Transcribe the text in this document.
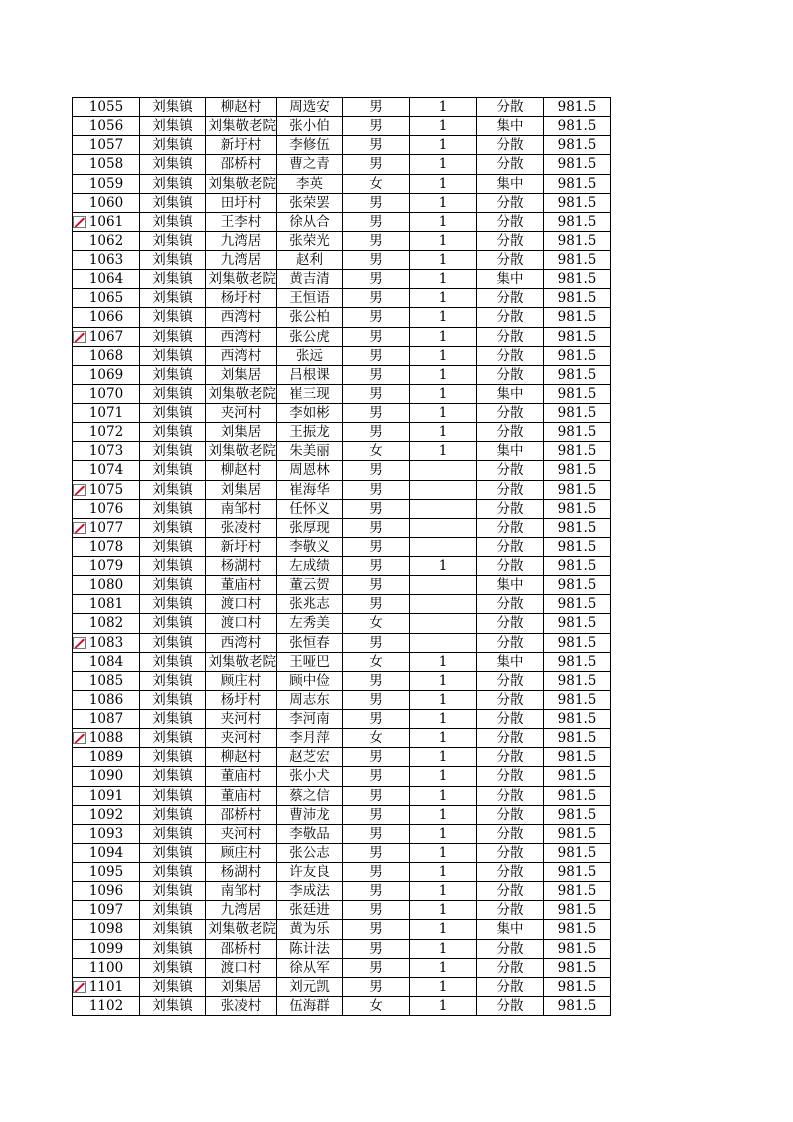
1055	刘集镇	柳赵村	周选安	男	1	分散	981.5
1056	刘集镇	刘集敬老院	张小伯	男	1	集中	981.5
1057	刘集镇	新圩村	李修伍	男	1	分散	981.5
1058	刘集镇	邵桥村	曹之青	男	1	分散	981.5
1059	刘集镇	刘集敬老院	李英	女	1	集中	981.5
1060	刘集镇	田圩村	张荣罢	男	1	分散	981.5

1061	刘集镇	王李村	徐从合	男	1	分散	981.5
1062	刘集镇	九湾居	张荣光	男	1	分散	981.5
1063	刘集镇	九湾居	赵利	男	1	分散	981.5
1064	刘集镇	刘集敬老院	黄吉清	男	1	集中	981.5
1065	刘集镇	杨圩村	王恒语	男	1	分散	981.5
1066	刘集镇	西湾村	张公柏	男	1	分散	981.5

1067	刘集镇	西湾村	张公虎	男	1	分散	981.5
1068	刘集镇	西湾村	张远	男	1	分散	981.5
1069	刘集镇	刘集居	吕根课	男	1	分散	981.5
1070	刘集镇	刘集敬老院	崔三现	男	1	集中	981.5
1071	刘集镇	夹河村	李如彬	男	1	分散	981.5
1072	刘集镇	刘集居	王振龙	男	1	分散	981.5
1073	刘集镇	刘集敬老院	朱美丽	女	1	集中	981.5
1074	刘集镇	柳赵村	周恩林	男		分散	981.5

1075	刘集镇	刘集居	崔海华	男		分散	981.5
1076	刘集镇	南邹村	任怀义	男		分散	981.5

1077	刘集镇	张凌村	张厚现	男		分散	981.5
1078	刘集镇	新圩村	李敬义	男		分散	981.5
1079	刘集镇	杨湖村	左成绩	男	1	分散	981.5
1080	刘集镇	董庙村	董云贺	男		集中	981.5
1081	刘集镇	渡口村	张兆志	男		分散	981.5
1082	刘集镇	渡口村	左秀美	女		分散	981.5

1083	刘集镇	西湾村	张恒春	男		分散	981.5
1084	刘集镇	刘集敬老院	王哑巴	女	1	集中	981.5
1085	刘集镇	顾庄村	顾中俭	男	1	分散	981.5
1086	刘集镇	杨圩村	周志东	男	1	分散	981.5
1087	刘集镇	夹河村	李河南	男	1	分散	981.5

1088	刘集镇	夹河村	李月萍	女	1	分散	981.5
1089	刘集镇	柳赵村	赵芝宏	男	1	分散	981.5
1090	刘集镇	董庙村	张小犬	男	1	分散	981.5
1091	刘集镇	董庙村	蔡之信	男	1	分散	981.5
1092	刘集镇	邵桥村	曹沛龙	男	1	分散	981.5
1093	刘集镇	夹河村	李敬品	男	1	分散	981.5
1094	刘集镇	顾庄村	张公志	男	1	分散	981.5
1095	刘集镇	杨湖村	许友良	男	1	分散	981.5
1096	刘集镇	南邹村	李成法	男	1	分散	981.5
1097	刘集镇	九湾居	张廷进	男	1	分散	981.5
1098	刘集镇	刘集敬老院	黄为乐	男	1	集中	981.5
1099	刘集镇	邵桥村	陈计法	男	1	分散	981.5
1100	刘集镇	渡口村	徐从军	男	1	分散	981.5

1101	刘集镇	刘集居	刘元凯	男	1	分散	981.5
1102	刘集镇	张凌村	伍海群	女	1	分散	981.5
